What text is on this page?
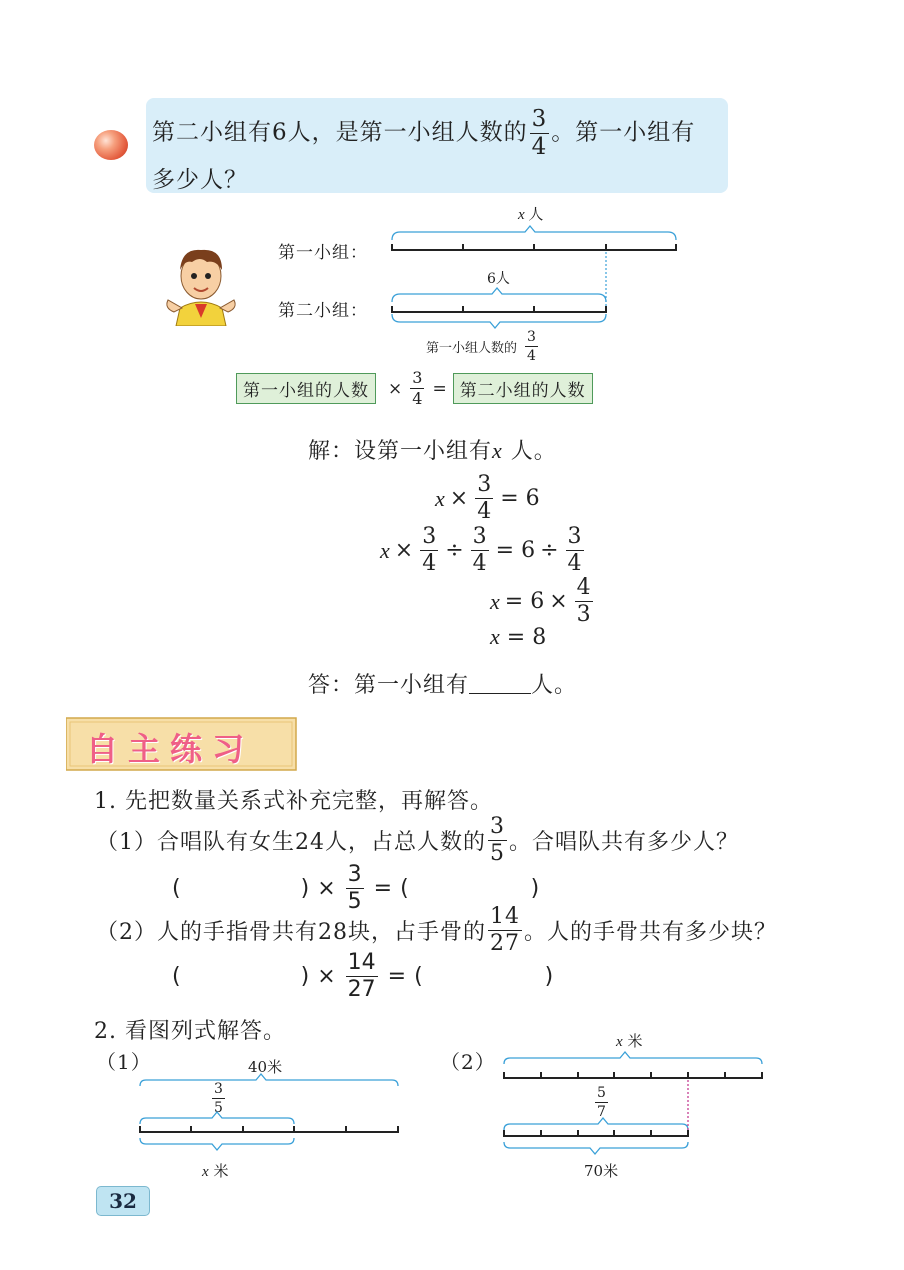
第二小组有6人，是第一小组人数的 $\frac{3}{4}$ 。第一小组有
多少人？
第一小组：
第二小组：
x 人
6人
第一小组人数的 $\frac{3}{4}$
第一小组的人数	× $\frac{3}{4}$ = 第二小组的人数
解：设第一小组有x 人。
$x \times \frac{3}{4} = 6$
$x \times \frac{3}{4} \div \frac{3}{4} = 6 \div \frac{3}{4}$
$x = 6 \times \frac{4}{3}$
x = 8
答：第一小组有	人。
自主练习
1. 先把数量关系式补充完整，再解答。
（1）合唱队有女生24人，占总人数的 $\frac{3}{5}$ 。合唱队共有多少人？
(	) × $\frac{3}{5}$ = (	)
（2）人的手指骨共有28块，占手骨的 $\frac{14}{27}$ 。人的手骨共有多少块？
(	) × $\frac{14}{27}$ = (	)
2. 看图列式解答。
（1）	40米
$\frac{3}{5}$
x 米
（2）
x 米
$\frac{5}{7}$
70米
32
